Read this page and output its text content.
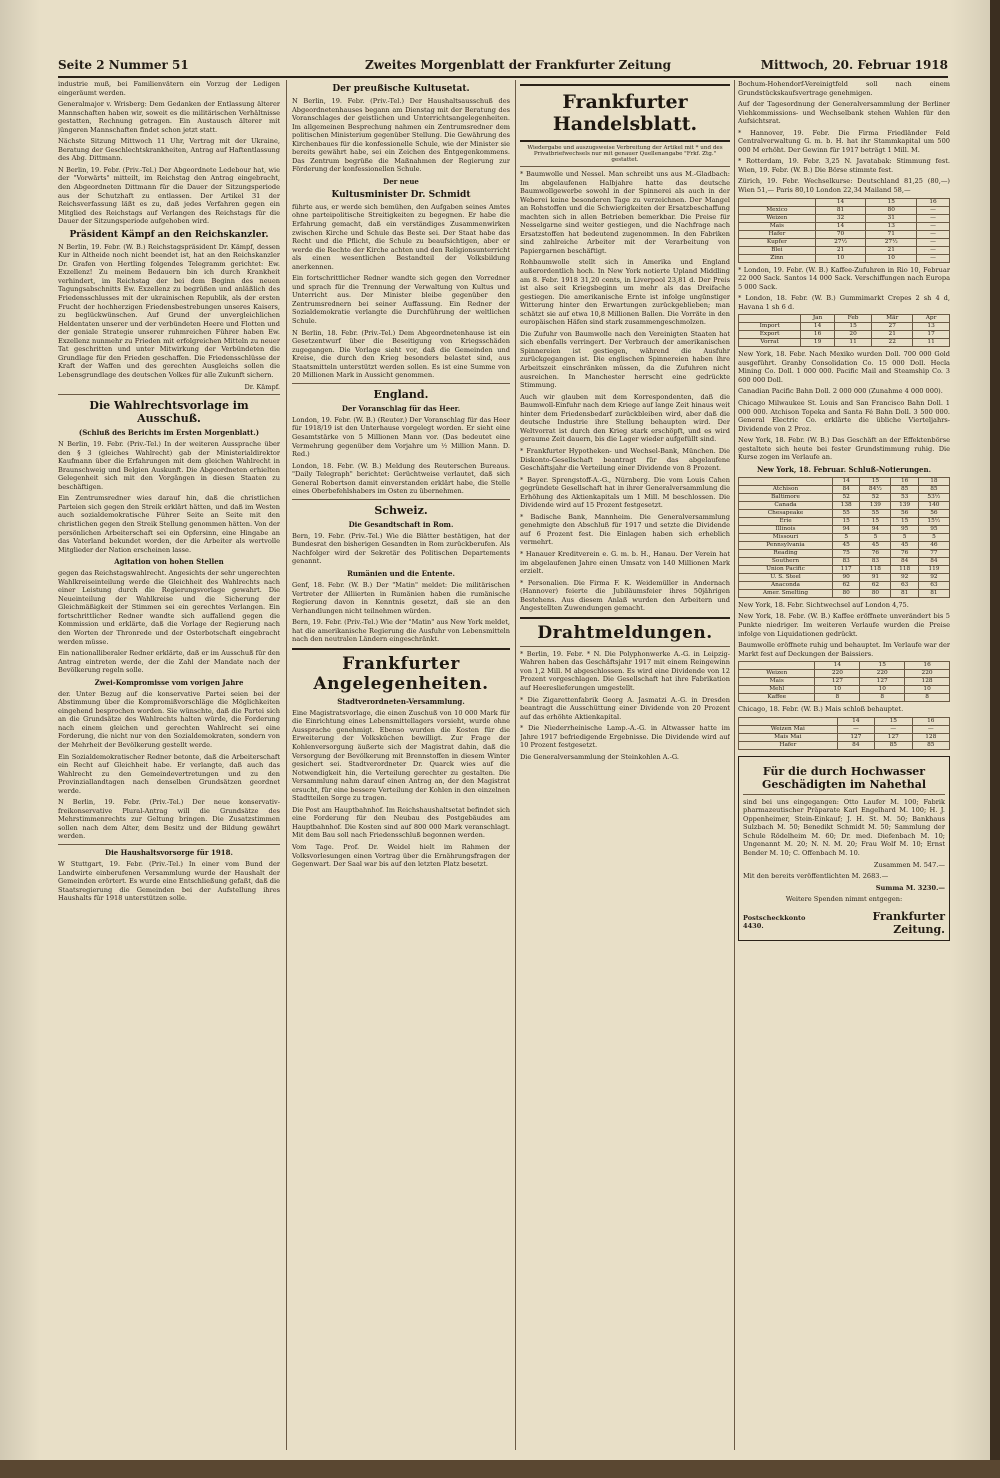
Seite 2 Nummer 51	Zweites Morgenblatt der Frankfurter Zeitung	Mittwoch, 20. Februar 1918

industrie muß, bei Familienvätern ein Vorzug der Ledigen eingeräumt werden.

Generalmajor v. Wrisberg: Dem Gedanken der Entlassung älterer Mannschaften haben wir, soweit es die militärischen Verhältnisse gestatten, Rechnung getragen. Ein Austausch älterer mit jüngeren Mannschaften findet schon jetzt statt.

Nächste Sitzung Mittwoch 11 Uhr, Vertrag mit der Ukraine, Beratung der Geschlechtskrankheiten, Antrag auf Haftentlassung des Abg. Dittmann.

N Berlin, 19. Febr. (Priv.-Tel.) Der Abgeordnete Ledebour hat, wie der "Vorwärts" mitteilt, im Reichstag den Antrag eingebracht, den Abgeordneten Dittmann für die Dauer der Sitzungsperiode aus der Schutzhaft zu entlassen. Der Artikel 31 der Reichsverfassung läßt es zu, daß jedes Verfahren gegen ein Mitglied des Reichstags auf Verlangen des Reichstags für die Dauer der Sitzungsperiode aufgehoben wird.

Präsident Kämpf an den Reichskanzler.

N Berlin, 19. Febr. (W. B.) Reichstagspräsident Dr. Kämpf, dessen Kur in Altheide noch nicht beendet ist, hat an den Reichskanzler Dr. Grafen von Hertling folgendes Telegramm gerichtet: Ew. Exzellenz! Zu meinem Bedauern bin ich durch Krankheit verhindert, im Reichstag der bei dem Beginn des neuen Tagungsabschnitts Ew. Exzellenz zu begrüßen und anläßlich des Friedensschlusses mit der ukrainischen Republik, als der ersten Frucht der hochherzigen Friedensbestrebungen unseres Kaisers, zu beglückwünschen. Auf Grund der unvergleichlichen Heldentaten unserer und der verbündeten Heere und Flotten und der geniale Strategie unserer ruhmreichen Führer haben Ew. Exzellenz nunmehr zu Frieden mit erfolgreichen Mitteln zu neuer Tat geschritten und unter Mitwirkung der Verbündeten die Grundlage für den Frieden geschaffen. Die Friedensschlüsse der Kraft der Waffen und des gerechten Ausgleichs sollen die Lebensgrundlage des deutschen Volkes für alle Zukunft sichern.

Dr. Kämpf.

Die Wahlrechtsvorlage im Ausschuß.
(Schluß des Berichts im Ersten Morgenblatt.)

N Berlin, 19. Febr. (Priv.-Tel.) In der weiteren Aussprache über den § 3 (gleiches Wahlrecht) gab der Ministerialdirektor Kaufmann über die Erfahrungen mit dem gleichen Wahlrecht in Braunschweig und Belgien Auskunft. Die Abgeordneten erhielten Gelegenheit sich mit den Vorgängen in diesen Staaten zu beschäftigen.

Ein Zentrumsredner wies darauf hin, daß die christlichen Parteien sich gegen den Streik erklärt hätten, und daß im Westen auch sozialdemokratische Führer Seite an Seite mit den christlichen gegen den Streik Stellung genommen hätten. Von der persönlichen Arbeiterschaft sei ein Opfersinn, eine Hingabe an das Vaterland bekundet worden, der die Arbeiter als wertvolle Mitglieder der Nation erscheinen lasse.

Agitation von hohen Stellen

gegen das Reichstagswahlrecht. Angesichts der sehr ungerechten Wahlkreiseinteilung werde die Gleichheit des Wahlrechts nach einer Leistung durch die Regierungsvorlage gewahrt. Die Neueinteilung der Wahlkreise und die Sicherung der Gleichmäßigkeit der Stimmen sei ein gerechtes Verlangen. Ein fortschrittlicher Redner wandte sich auffallend gegen die Kommission und erklärte, daß die Vorlage der Regierung nach den Worten der Thronrede und der Osterbotschaft eingebracht werden müsse.

Ein nationalliberaler Redner erklärte, daß er im Ausschuß für den Antrag eintreten werde, der die Zahl der Mandate nach der Bevölkerung regeln solle.

Zwei-Kompromisse vom vorigen Jahre

der. Unter Bezug auf die konservative Partei seien bei der Abstimmung über die Kompromißvorschläge die Möglichkeiten eingehend besprochen worden. Sie wünschte, daß die Partei sich an die Grundsätze des Wahlrechts halten würde, die Forderung nach einem gleichen und gerechten Wahlrecht sei eine Forderung, die nicht nur von den Sozialdemokraten, sondern von der Mehrheit der Bevölkerung gestellt werde.

Ein Sozialdemokratischer Redner betonte, daß die Arbeiterschaft ein Recht auf Gleichheit habe. Er verlangte, daß auch das Wahlrecht zu den Gemeindevertretungen und zu den Provinziallandtagen nach denselben Grundsätzen geordnet werde.

N Berlin, 19. Febr. (Priv.-Tel.) Der neue konservativ-freikonservative Plural-Antrag will die Grundsätze des Mehrstimmenrechts zur Geltung bringen. Die Zusatzstimmen sollen nach dem Alter, dem Besitz und der Bildung gewährt werden.

Die Haushaltsvorsorge für 1918.

W Stuttgart, 19. Febr. (Priv.-Tel.) In einer vom Bund der Landwirte einberufenen Versammlung wurde der Haushalt der Gemeinden erörtert. Es wurde eine Entschließung gefaßt, daß die Staatsregierung die Gemeinden bei der Aufstellung ihres Haushalts für 1918 unterstützen solle.

Der preußische Kultusetat.

N Berlin, 19. Febr. (Priv.-Tel.) Der Haushaltsausschuß des Abgeordnetenhauses begann am Dienstag mit der Beratung des Voranschlages der geistlichen und Unterrichtsangelegenheiten. Im allgemeinen Besprechung nahmen ein Zentrumsredner dem politischen Ministerium gegenüber Stellung. Die Gewährung des Kirchenbaues für die konfessionelle Schule, wie der Minister sie bereits gewährt habe, sei ein Zeichen des Entgegenkommens. Das Zentrum begrüße die Maßnahmen der Regierung zur Förderung der konfessionellen Schule.

Der neue
Kultusminister Dr. Schmidt

führte aus, er werde sich bemühen, den Aufgaben seines Amtes ohne parteipolitische Streitigkeiten zu begegnen. Er habe die Erfahrung gemacht, daß ein verständiges Zusammenwirken zwischen Kirche und Schule das Beste sei. Der Staat habe das Recht und die Pflicht, die Schule zu beaufsichtigen, aber er werde die Rechte der Kirche achten und den Religionsunterricht als einen wesentlichen Bestandteil der Volksbildung anerkennen.

Ein fortschrittlicher Redner wandte sich gegen den Vorredner und sprach für die Trennung der Verwaltung von Kultus und Unterricht aus. Der Minister bleibe gegenüber den Zentrumsrednern bei seiner Auffassung. Ein Redner der Sozialdemokratie verlangte die Durchführung der weltlichen Schule.

N Berlin, 18. Febr. (Priv.-Tel.) Dem Abgeordnetenhause ist ein Gesetzentwurf über die Beseitigung von Kriegsschäden zugegangen. Die Vorlage sieht vor, daß die Gemeinden und Kreise, die durch den Krieg besonders belastet sind, aus Staatsmitteln unterstützt werden sollen. Es ist eine Summe von 20 Millionen Mark in Aussicht genommen.

England.
Der Voranschlag für das Heer.

London, 19. Febr. (W. B.) (Reuter.) Der Voranschlag für das Heer für 1918/19 ist den Unterhause vorgelegt worden. Er sieht eine Gesamtstärke von 5 Millionen Mann vor. (Das bedeutet eine Vermehrung gegenüber dem Vorjahre um ½ Million Mann. D. Red.)

London, 18. Febr. (W. B.) Meldung des Reuterschen Bureaus. "Daily Telegraph" berichtet: Gerüchtweise verlautet, daß sich General Robertson damit einverstanden erklärt habe, die Stelle eines Oberbefehlshabers im Osten zu übernehmen.

Schweiz.
Die Gesandtschaft in Rom.

Bern, 19. Febr. (Priv.-Tel.) Wie die Blätter bestätigen, hat der Bundesrat den bisherigen Gesandten in Rom zurückberufen. Als Nachfolger wird der Sekretär des Politischen Departements genannt.

Rumänien und die Entente.

Genf, 18. Febr. (W. B.) Der "Matin" meldet: Die militärischen Vertreter der Alliierten in Rumänien haben die rumänische Regierung davon in Kenntnis gesetzt, daß sie an den Verhandlungen nicht teilnehmen würden.

Bern, 19. Febr. (Priv.-Tel.) Wie der "Matin" aus New York meldet, hat die amerikanische Regierung die Ausfuhr von Lebensmitteln nach den neutralen Ländern eingeschränkt.

Frankfurter Angelegenheiten.
Stadtverordneten-Versammlung.

Eine Magistratsvorlage, die einen Zuschuß von 10 000 Mark für die Einrichtung eines Lebensmittellagers vorsieht, wurde ohne Aussprache genehmigt. Ebenso wurden die Kosten für die Erweiterung der Volksküchen bewilligt. Zur Frage der Kohlenversorgung äußerte sich der Magistrat dahin, daß die Versorgung der Bevölkerung mit Brennstoffen in diesem Winter gesichert sei. Stadtverordneter Dr. Quarck wies auf die Notwendigkeit hin, die Verteilung gerechter zu gestalten. Die Versammlung nahm darauf einen Antrag an, der den Magistrat ersucht, für eine bessere Verteilung der Kohlen in den einzelnen Stadtteilen Sorge zu tragen.

Die Post am Hauptbahnhof. Im Reichshaushaltsetat befindet sich eine Forderung für den Neubau des Postgebäudes am Hauptbahnhof. Die Kosten sind auf 800 000 Mark veranschlagt. Mit dem Bau soll nach Friedensschluß begonnen werden.

Vom Tage. Prof. Dr. Weidel hielt im Rahmen der Volksvorlesungen einen Vortrag über die Ernährungsfragen der Gegenwart. Der Saal war bis auf den letzten Platz besetzt.

Frankfurter Handelsblatt.
Wiedergabe und auszugsweise Verbreitung der Artikel mit * und des Privatbriefwechsels nur mit genauer Quellenangabe "Frkf. Ztg." gestattet.

* Baumwolle und Nessel. Man schreibt uns aus M.-Gladbach: Im abgelaufenen Halbjahre hatte das deutsche Baumwollgewerbe sowohl in der Spinnerei als auch in der Weberei keine besonderen Tage zu verzeichnen. Der Mangel an Rohstoffen und die Schwierigkeiten der Ersatzbeschaffung machten sich in allen Betrieben bemerkbar. Die Preise für Nesselgarne sind weiter gestiegen, und die Nachfrage nach Ersatzstoffen hat bedeutend zugenommen. In den Fabriken sind zahlreiche Arbeiter mit der Verarbeitung von Papiergarnen beschäftigt.

Rohbaumwolle stellt sich in Amerika und England außerordentlich hoch. In New York notierte Upland Middling am 8. Febr. 1918 31,20 cents, in Liverpool 23,81 d. Der Preis ist also seit Kriegsbeginn um mehr als das Dreifache gestiegen. Die amerikanische Ernte ist infolge ungünstiger Witterung hinter den Erwartungen zurückgeblieben; man schätzt sie auf etwa 10,8 Millionen Ballen. Die Vorräte in den europäischen Häfen sind stark zusammengeschmolzen.

Die Zufuhr von Baumwolle nach den Vereinigten Staaten hat sich ebenfalls verringert. Der Verbrauch der amerikanischen Spinnereien ist gestiegen, während die Ausfuhr zurückgegangen ist. Die englischen Spinnereien haben ihre Arbeitszeit einschränken müssen, da die Zufuhren nicht ausreichen. In Manchester herrscht eine gedrückte Stimmung.

Auch wir glauben mit dem Korrespondenten, daß die Baumwoll-Einfuhr nach dem Kriege auf lange Zeit hinaus weit hinter dem Friedensbedarf zurückbleiben wird, aber daß die deutsche Industrie ihre Stellung behaupten wird. Der Weltvorrat ist durch den Krieg stark erschöpft, und es wird geraume Zeit dauern, bis die Lager wieder aufgefüllt sind.

* Frankfurter Hypotheken- und Wechsel-Bank, München. Die Diskonto-Gesellschaft beantragt für das abgelaufene Geschäftsjahr die Verteilung einer Dividende von 8 Prozent.

* Bayer. Sprengstoff-A.-G., Nürnberg. Die vom Louis Cahen gegründete Gesellschaft hat in ihrer Generalversammlung die Erhöhung des Aktienkapitals um 1 Mill. M beschlossen. Die Dividende wird auf 15 Prozent festgesetzt.

* Badische Bank, Mannheim. Die Generalversammlung genehmigte den Abschluß für 1917 und setzte die Dividende auf 6 Prozent fest. Die Einlagen haben sich erheblich vermehrt.

* Hanauer Kreditverein e. G. m. b. H., Hanau. Der Verein hat im abgelaufenen Jahre einen Umsatz von 140 Millionen Mark erzielt.

* Personalien. Die Firma F. K. Weidemüller in Andernach (Hannover) feierte die Jubiläumsfeier ihres 50jährigen Bestehens. Aus diesem Anlaß wurden den Arbeitern und Angestellten Zuwendungen gemacht.

Drahtmeldungen.

* Berlin, 19. Febr. * N. Die Polyphonwerke A.-G. in Leipzig-Wahren haben das Geschäftsjahr 1917 mit einem Reingewinn von 1,2 Mill. M abgeschlossen. Es wird eine Dividende von 12 Prozent vorgeschlagen. Die Gesellschaft hat ihre Fabrikation auf Heereslieferungen umgestellt.

* Die Zigarettenfabrik Georg A. Jasmatzi A.-G. in Dresden beantragt die Ausschüttung einer Dividende von 20 Prozent auf das erhöhte Aktienkapital.

* Die Niederrheinische Lamp.-A.-G. in Altwasser hatte im Jahre 1917 befriedigende Ergebnisse. Die Dividende wird auf 10 Prozent festgesetzt.

Die Generalversammlung der Steinkohlen A.-G.

Bochum-Hohendorf-Vereinigtfeld soll nach einem Grundstückskaufsvertrage genehmigen.

Auf der Tagesordnung der Generalversammlung der Berliner Viehkommissions- und Wechselbank stehen Wahlen für den Aufsichtsrat.

* Hannover, 19. Febr. Die Firma Friedländer Feld Centralverwaltung G. m. b. H. hat ihr Stammkapital um 500 000 M erhöht. Der Gewinn für 1917 beträgt 1 Mill. M.

* Rotterdam, 19. Febr. 3,25 N. Javatabak: Stimmung fest. Wien, 19. Febr. (W. B.) Die Börse stimmte fest.

Zürich, 19. Febr. Wechselkurse: Deutschland 81,25 (80,—) Wien 51,— Paris 80,10 London 22,34 Mailand 58,—

	14	15	16
Mexico	81	80	—
Weizen	32	31	—
Mais	14	13	—
Hafer	70	71	—
Kupfer	27½	27½	—
Blei	21	21	—
Zinn	10	10	—

* London, 19. Febr. (W. B.) Kaffee-Zufuhren in Rio 10, Februar 22 000 Sack. Santos 14 000 Sack. Verschiffungen nach Europa 5 000 Sack.

* London, 18. Febr. (W. B.) Gummimarkt Crepes 2 sh 4 d, Havana 1 sh 6 d.

	Jan	Feb	Mär	Apr
Import	14	15	27	13
Export	16	20	21	17
Vorrat	19	11	22	11

New York, 18. Febr. Nach Mexiko wurden Doll. 700 000 Gold ausgeführt. Granby Consolidation Co. 15 000 Doll. Hecla Mining Co. Doll. 1 000 000. Pacific Mail and Steamship Co. 3 600 000 Doll.

Canadian Pacific Bahn Doll. 2 000 000 (Zunahme 4 000 000).

Chicago Milwaukee St. Louis and San Francisco Bahn Doll. 1 000 000. Atchison Topeka and Santa Fé Bahn Doll. 3 500 000. General Electric Co. erklärte die übliche Vierteljahrs-Dividende von 2 Proz.

New York, 18. Febr. (W. B.) Das Geschäft an der Effektenbörse gestaltete sich heute bei fester Grundstimmung ruhig. Die Kurse zogen im Verlaufe an.

New York, 18. Februar. Schluß-Notierungen.
	14	15	16	18
Atchison	84	84½	85	85
Baltimore	52	52	53	53½
Canada	138	139	139	140
Chesapeake	55	55	56	56
Erie	15	15	15	15½
Illinois	94	94	95	95
Missouri	5	5	5	5
Pennsylvania	45	45	45	46
Reading	75	76	76	77
Southern	83	83	84	84
Union Pacific	117	118	118	119
U. S. Steel	90	91	92	92
Anaconda	62	62	63	63
Amer. Smelting	80	80	81	81

New York, 18. Febr. Sichtwechsel auf London 4,75.

New York, 18. Febr. (W. B.) Kaffee eröffnete unverändert bis 5 Punkte niedriger. Im weiteren Verlaufe wurden die Preise infolge von Liquidationen gedrückt.

Baumwolle eröffnete ruhig und behauptet. Im Verlaufe war der Markt fest auf Deckungen der Baissiers.

	14	15	16
Weizen	220	220	220
Mais	127	127	128
Mehl	10	10	10
Kaffee	8	8	8

Chicago, 18. Febr. (W. B.) Mais schloß behauptet.

	14	15	16
Weizen Mai	—	—	—
Mais Mai	127	127	128
Hafer	84	85	85
Für die durch Hochwasser Geschädigten im Nahethal

sind bei uns eingegangen: Otto Laufer M. 100; Fabrik pharmazeutischer Präparate Karl Engelhard M. 100; H. J. Oppenheimer, Stein-Einkauf; J. H. St. M. 50; Bankhaus Sulzbach M. 50; Benedikt Schmidt M. 50; Sammlung der Schule Rödelheim M. 60; Dr. med. Diefenbach M. 10; Ungenannt M. 20; N. N. M. 20; Frau Wolf M. 10; Ernst Bender M. 10; C. Offenbach M. 10.

Zusammen M. 547.—

Mit den bereits veröffentlichten M. 2683.—

Summa M. 3230.—

Weitere Spenden nimmt entgegen:

Postscheckkonto 4430.
Frankfurter Zeitung.
